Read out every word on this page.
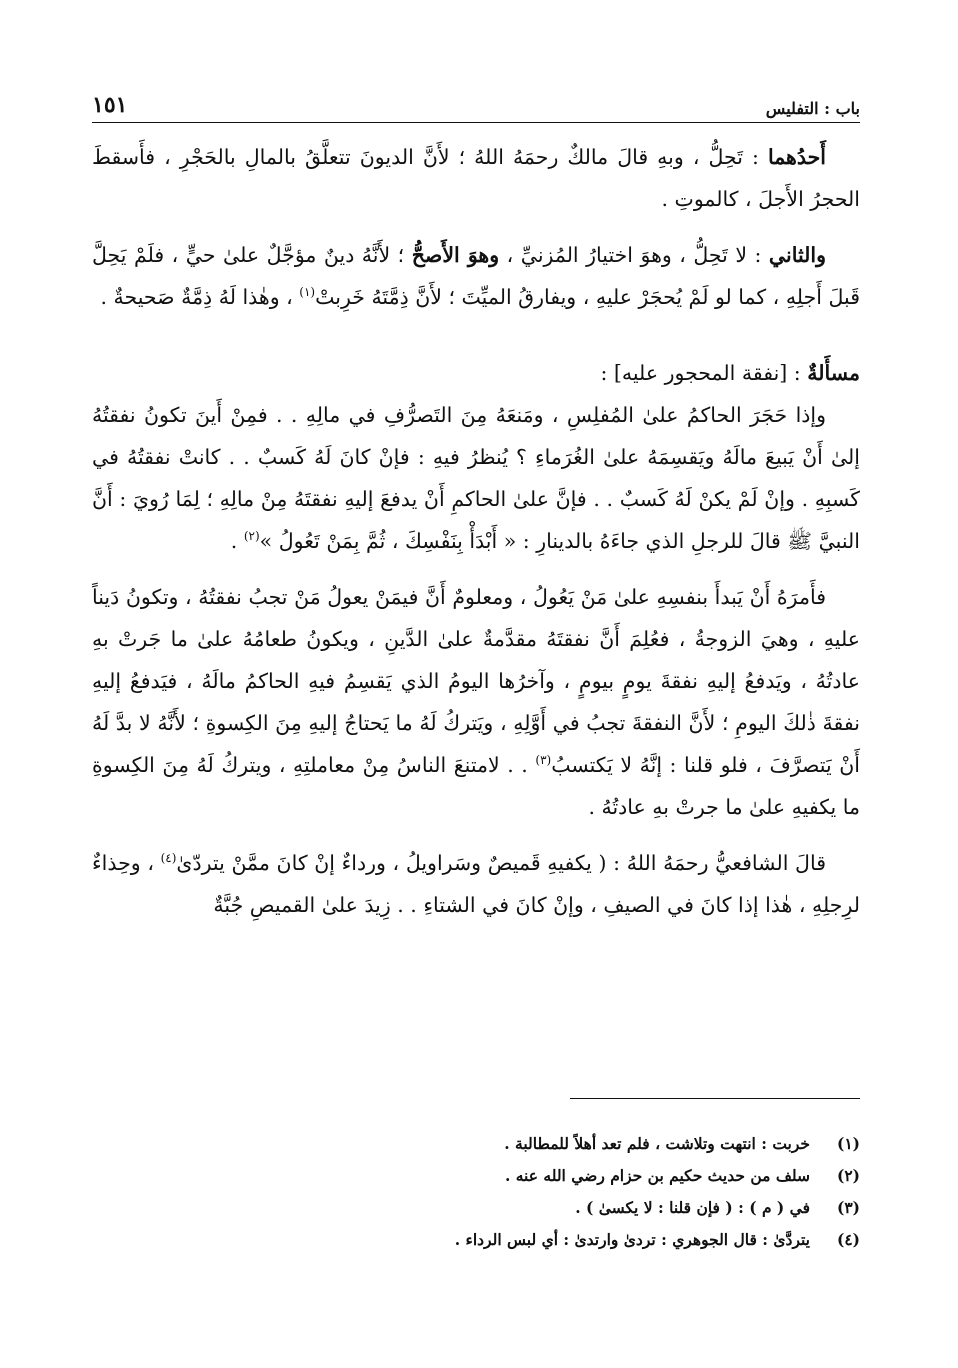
باب : التفليس
١٥١

أَحدُهما : تَحِلُّ ، وبهِ قالَ مالكٌ رحمَهُ اللهُ ؛ لأَنَّ الديونَ تتعلَّقُ بالمالِ بالحَجْرِ ، فأَسقطَ الحجرُ الأَجلَ ، كالموتِ .

والثاني : لا تَحِلُّ ، وهوَ اختيارُ المُزنيِّ ، وهوَ الأَصحُّ ؛ لأَنَّهُ دينٌ مؤجَّلٌ علىٰ حيٍّ ، فلَمْ يَحِلَّ قَبلَ أَجلِهِ ، كما لو لَمْ يُحجَرْ عليهِ ، ويفارقُ الميِّتَ ؛ لأَنَّ ذِمَّتَهُ خَرِبتْ$^{(١)}$ ، وهٰذا لَهُ ذِمَّةٌ صَحيحةٌ .

مسأَلةٌ : [نفقة المحجور عليه] :

وإذا حَجَرَ الحاكمُ علىٰ المُفلِسِ ، ومَنعَهُ مِنَ التَصرُّفِ في مالِهِ . . فمِنْ أَينَ تكونُ نفقتُهُ إلىٰ أَنْ يَبيعَ مالَهُ ويَقسِمَهُ علىٰ الغُرَماءِ ؟ يُنظرُ فيهِ : فإنْ كانَ لَهُ كَسبٌ . . كانتْ نفقتُهُ في كَسبِهِ . وإنْ لَمْ يكنْ لَهُ كَسبٌ . . فإنَّ علىٰ الحاكمِ أَنْ يدفعَ إليهِ نفقتَهُ مِنْ مالِهِ ؛ لِمَا رُويَ : أَنَّ النبيَّ ﷺ قالَ للرجلِ الذي جاءَهُ بالدينارِ : « أَبْدَأْ بِنَفْسِكَ ، ثُمَّ بِمَنْ تَعُولُ »$^{(٢)}$ .

فأَمرَهُ أَنْ يَبدأَ بنفسِهِ علىٰ مَنْ يَعُولُ ، ومعلومٌ أَنَّ فيمَنْ يعولُ مَنْ تجبُ نفقتُهُ ، وتكونُ دَيناً عليهِ ، وهيَ الزوجةُ ، فعُلِمَ أَنَّ نفقتَهُ مقدَّمةٌ علىٰ الدَّينِ ، ويكونُ طعامُهُ علىٰ ما جَرتْ بهِ عادتُهُ ، ويَدفعُ إليهِ نفقةَ يومٍ بيومٍ ، وآخرُها اليومُ الذي يَقسِمُ فيهِ الحاكمُ مالَهُ ، فيَدفعُ إليهِ نفقةَ ذٰلكَ اليومِ ؛ لأَنَّ النفقةَ تجبُ في أَوَّلِهِ ، ويَتركُ لَهُ ما يَحتاجُ إليهِ مِنَ الكِسوةِ ؛ لأَنَّهُ لا بدَّ لَهُ أَنْ يَتصرَّفَ ، فلو قلنا : إنَّهُ لا يَكتسبُ$^{(٣)}$ . . لامتنعَ الناسُ مِنْ معاملتِهِ ، ويتركُ لَهُ مِنَ الكِسوةِ ما يكفيهِ علىٰ ما جرتْ بهِ عادتُهُ .

قالَ الشافعيُّ رحمَهُ اللهُ : ( يكفيهِ قَميصٌ وسَراويلُ ، ورداءٌ إنْ كانَ ممَّنْ يتردّىٰ$^{(٤)}$ ، وحِذاءٌ لرِجلِهِ ، هٰذا إذا كانَ في الصيفِ ، وإنْ كانَ في الشتاءِ . . زِيدَ علىٰ القميصِ جُبَّةٌ

(١)
خربت : انتهت وتلاشت ، فلم تعد أهلاً للمطالبة .
(٢)
سلف من حديث حكيم بن حزام رضي الله عنه .
(٣)
في ( م ) : ( فإن قلنا : لا يكسىٰ ) .
(٤)
يتردَّىٰ : قال الجوهري : تردىٰ وارتدىٰ : أي لبس الرداء .
